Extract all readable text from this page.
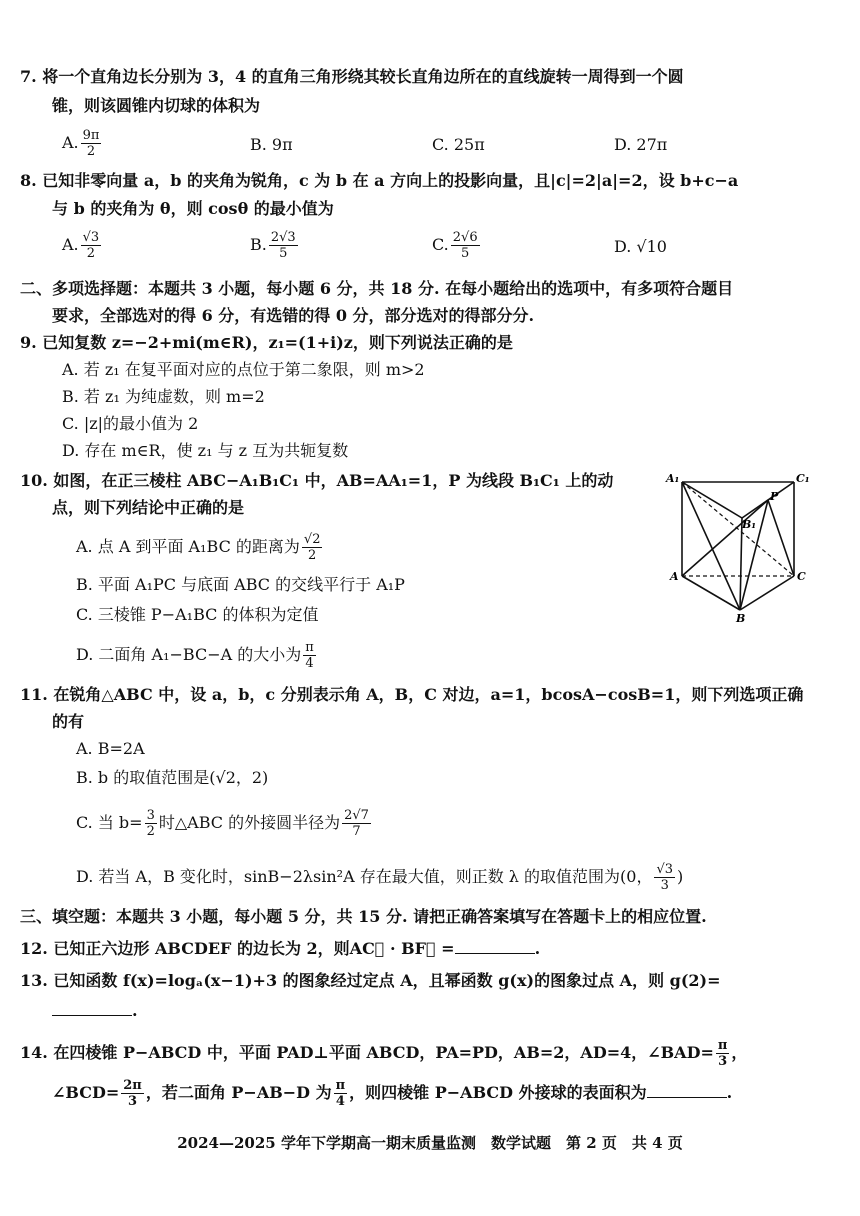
7. 将一个直角边长分别为 3，4 的直角三角形绕其较长直角边所在的直线旋转一周得到一个圆
锥，则该圆锥内切球的体积为
A. $\frac{9\pi}{2}$	B. 9π	C. 25π	D. 27π
8. 已知非零向量 a，b 的夹角为锐角，c 为 b 在 a 方向上的投影向量，且|c|=2|a|=2，设 b+c−a
与 b 的夹角为 θ，则 cosθ 的最小值为
A. $\frac{√3}{2}$	B. $\frac{2√3}{5}$	C. $\frac{2√6}{5}$	D. √10
二、多项选择题：本题共 3 小题，每小题 6 分，共 18 分. 在每小题给出的选项中，有多项符合题目
要求，全部选对的得 6 分，有选错的得 0 分，部分选对的得部分分.
9. 已知复数 z=−2+mi(m∈R)，z₁=(1+i)z，则下列说法正确的是
A. 若 z₁ 在复平面对应的点位于第二象限，则 m>2
B. 若 z₁ 为纯虚数，则 m=2
C. |z|的最小值为 2
D. 存在 m∈R，使 z₁ 与 z 互为共轭复数
10. 如图，在正三棱柱 ABC−A₁B₁C₁ 中，AB=AA₁=1，P 为线段 B₁C₁ 上的动
点，则下列结论中正确的是
A. 点 A 到平面 A₁BC 的距离为 $\frac{√2}{2}$
B. 平面 A₁PC 与底面 ABC 的交线平行于 A₁P
C. 三棱锥 P−A₁BC 的体积为定值
D. 二面角 A₁−BC−A 的大小为 $\frac{\pi}{4}$
A₁	C₁
P
B₁
A	C
B
11. 在锐角△ABC 中，设 a，b，c 分别表示角 A，B，C 对边，a=1，bcosA−cosB=1，则下列选项正确
的有
A. B=2A
B. b 的取值范围是(√2，2)
C. 当 $b= \frac{3}{2}$ 时△ABC 的外接圆半径为 $\frac{2√7}{7}$
D. 若当 A，B 变化时，sinB−2λsin²A 存在最大值，则正数 λ 的取值范围为(0， $\frac{√3}{3}$ )
三、填空题：本题共 3 小题，每小题 5 分，共 15 分. 请把正确答案填写在答题卡上的相应位置.
12. 已知正六边形 ABCDEF 的边长为 2，则AC⃗ · BF⃗ =	.
13. 已知函数 f(x)=logₐ(x−1)+3 的图象经过定点 A，且幂函数 g(x)的图象过点 A，则 g(2)=
.
14. 在四棱锥 P−ABCD 中，平面 PAD⊥平面 ABCD，PA=PD，AB=2，AD=4，∠BAD= $\frac{\pi}{3}$ ，
∠BCD= $\frac{2\pi}{3}$ ，若二面角 P−AB−D 为 $\frac{\pi}{4}$ ，则四棱锥 P−ABCD 外接球的表面积为	.
2024—2025 学年下学期高一期末质量监测　数学试题　第 2 页　共 4 页
